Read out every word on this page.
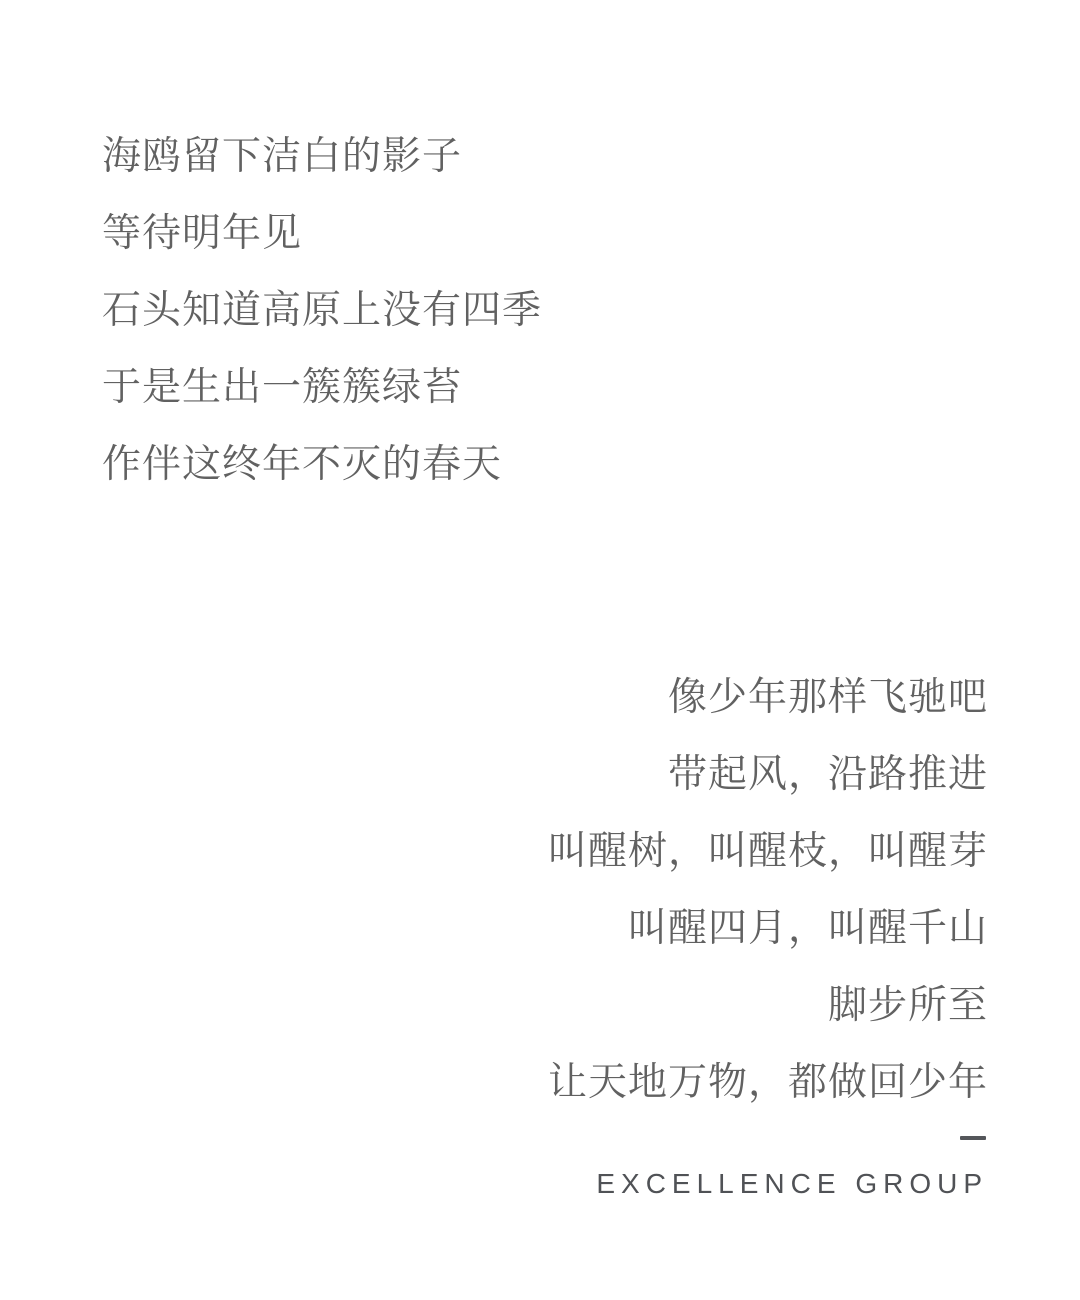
海鸥留下洁白的影子
等待明年见
石头知道高原上没有四季
于是生出一簇簇绿苔
作伴这终年不灭的春天
像少年那样飞驰吧
带起风，沿路推进
叫醒树，叫醒枝，叫醒芽
叫醒四月，叫醒千山
脚步所至
让天地万物，都做回少年
EXCELLENCE GROUP
